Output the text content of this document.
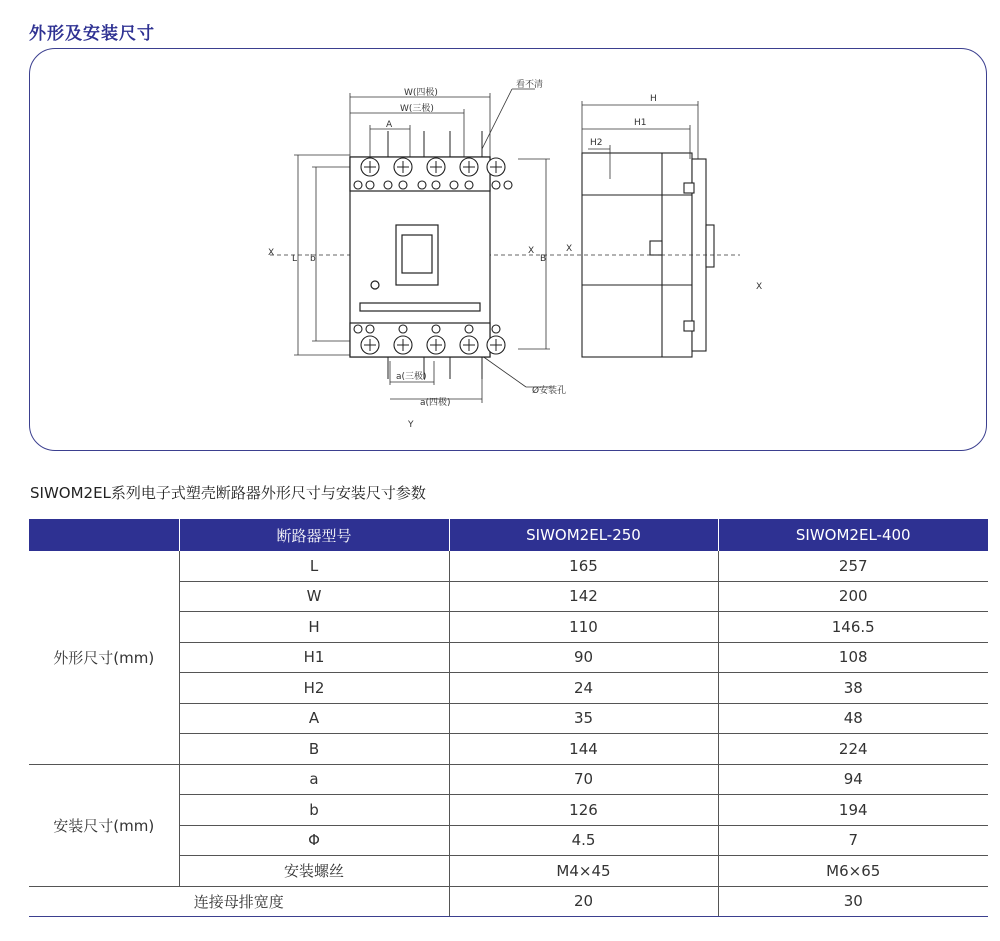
外形及安装尺寸
W(四极)
W(三极)
A
看不清
X
L b
X
B
a(三极)
a(四极)
Ø安装孔
Y
H
H1
H2
X
X
SIWOM2EL系列电子式塑壳断路器外形尺寸与安装尺寸参数
	断路器型号	SIWOM2EL-250	SIWOM2EL-400
外形尺寸(mm)	L	165	257
	W	142	200
	H	110	146.5
	H1	90	108
	H2	24	38
	A	35	48
	B	144	224
安装尺寸(mm)	a	70	94
	b	126	194
	Φ	4.5	7
	安装螺丝	M4×45	M6×65
连接母排宽度		20	30
